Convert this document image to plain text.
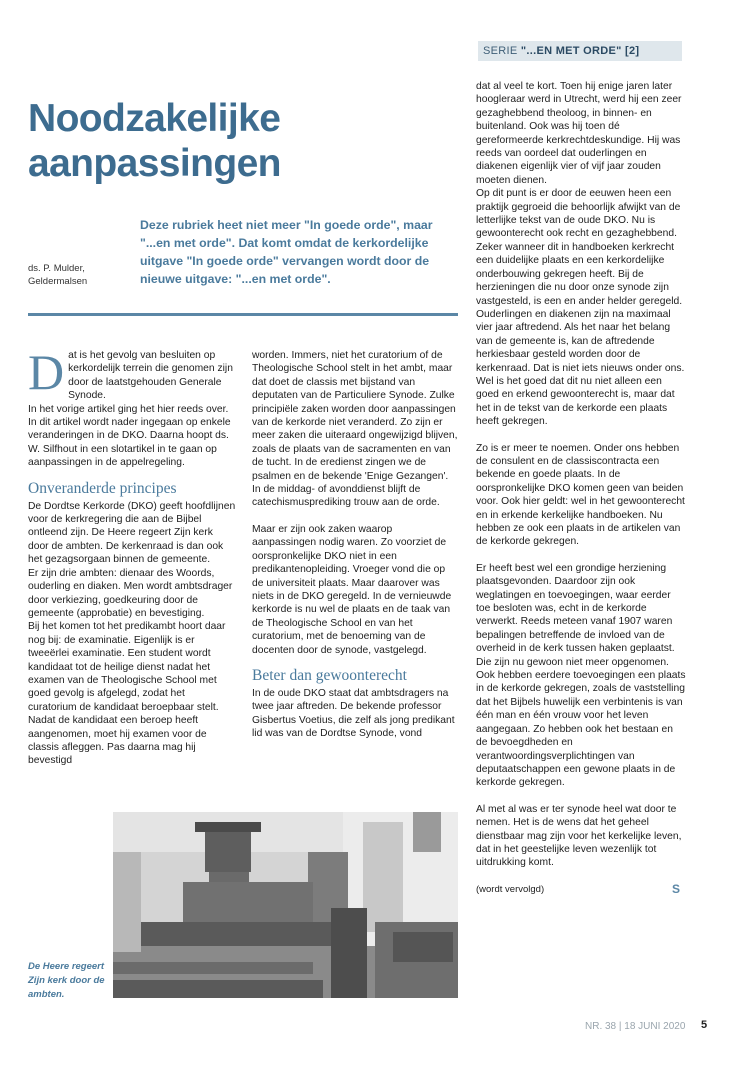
SERIE "...EN MET ORDE" [2]
Noodzakelijke aanpassingen
Deze rubriek heet niet meer "In goede orde", maar "...en met orde". Dat komt omdat de kerkordelijke uitgave "In goede orde" vervangen wordt door de nieuwe uitgave: "...en met orde".
ds. P. Mulder,
Geldermalsen

Dat is het gevolg van besluiten op kerkordelijk terrein die genomen zijn door de laatstgehouden Generale Synode.

In het vorige artikel ging het hier reeds over. In dit artikel wordt nader ingegaan op enkele veranderingen in de DKO. Daarna hoopt ds. W. Silfhout in een slotartikel in te gaan op aanpassingen in de appelregeling.

Onveranderde principes

De Dordtse Kerkorde (DKO) geeft hoofdlijnen voor de kerkregering die aan de Bijbel ontleend zijn. De Heere regeert Zijn kerk door de ambten. De kerkenraad is dan ook het gezagsorgaan binnen de gemeente.

Er zijn drie ambten: dienaar des Woords, ouderling en diaken. Men wordt ambtsdrager door verkiezing, goedkeuring door de gemeente (approbatie) en bevestiging.

Bij het komen tot het predikambt hoort daar nog bij: de examinatie. Eigenlijk is er tweeërlei examinatie. Een student wordt kandidaat tot de heilige dienst nadat het examen van de Theologische School met goed gevolg is afgelegd, zodat het curatorium de kandidaat beroepbaar stelt. Nadat de kandidaat een beroep heeft aangenomen, moet hij examen voor de classis afleggen. Pas daarna mag hij bevestigd

worden. Immers, niet het curatorium of de Theologische School stelt in het ambt, maar dat doet de classis met bijstand van deputaten van de Particuliere Synode. Zulke principiële zaken worden door aanpassingen van de kerkorde niet veranderd. Zo zijn er meer zaken die uiteraard ongewijzigd blijven, zoals de plaats van de sacramenten en van de tucht. In de eredienst zingen we de psalmen en de bekende 'Enige Gezangen'. In de middag- of avonddienst blijft de catechismusprediking trouw aan de orde.

Maar er zijn ook zaken waarop aanpassingen nodig waren. Zo voorziet de oorspronkelijke DKO niet in een predikantenopleiding. Vroeger vond die op de universiteit plaats. Maar daarover was niets in de DKO geregeld. In de vernieuwde kerkorde is nu wel de plaats en de taak van de Theologische School en van het curatorium, met de benoeming van de docenten door de synode, vastgelegd.

Beter dan gewoonterecht

In de oude DKO staat dat ambtsdragers na twee jaar aftreden. De bekende professor Gisbertus Voetius, die zelf als jong predikant lid was van de Dordtse Synode, vond

dat al veel te kort. Toen hij enige jaren later hoogleraar werd in Utrecht, werd hij een zeer gezaghebbend theoloog, in binnen- en buitenland. Ook was hij toen dé gereformeerde kerkrechtdeskundige. Hij was reeds van oordeel dat ouderlingen en diakenen eigenlijk vier of vijf jaar zouden moeten dienen.

Op dit punt is er door de eeuwen heen een praktijk gegroeid die behoorlijk afwijkt van de letterlijke tekst van de oude DKO. Nu is gewoonterecht ook recht en gezaghebbend. Zeker wanneer dit in handboeken kerkrecht een duidelijke plaats en een kerkordelijke onderbouwing gekregen heeft. Bij de herzieningen die nu door onze synode zijn vastgesteld, is een en ander helder geregeld. Ouderlingen en diakenen zijn na maximaal vier jaar aftredend. Als het naar het belang van de gemeente is, kan de aftredende herkiesbaar gesteld worden door de kerkenraad. Dat is niet iets nieuws onder ons. Wel is het goed dat dit nu niet alleen een goed en erkend gewoonterecht is, maar dat het in de tekst van de kerkorde een plaats heeft gekregen.

Zo is er meer te noemen. Onder ons hebben de consulent en de classiscontracta een bekende en goede plaats. In de oorspronkelijke DKO komen geen van beiden voor. Ook hier geldt: wel in het gewoonterecht en in erkende kerkelijke handboeken. Nu hebben ze ook een plaats in de artikelen van de kerkorde gekregen.

Er heeft best wel een grondige herziening plaatsgevonden. Daardoor zijn ook weglatingen en toevoegingen, waar eerder toe besloten was, echt in de kerkorde verwerkt. Reeds meteen vanaf 1907 waren bepalingen betreffende de invloed van de overheid in de kerk tussen haken geplaatst. Die zijn nu gewoon niet meer opgenomen. Ook hebben eerdere toevoegingen een plaats in de kerkorde gekregen, zoals de vaststelling dat het Bijbels huwelijk een verbintenis is van één man en één vrouw voor het leven aangegaan. Zo hebben ook het bestaan en de bevoegdheden en verantwoordingsverplichtingen van deputaatschappen een gewone plaats in de kerkorde gekregen.

Al met al was er ter synode heel wat door te nemen. Het is de wens dat het geheel dienstbaar mag zijn voor het kerkelijke leven, dat in het geestelijke leven wezenlijk tot uitdrukking komt.

(wordt vervolgd)	S

De Heere regeert Zijn kerk door de ambten.
NR. 38 | 18 JUNI 2020 5
